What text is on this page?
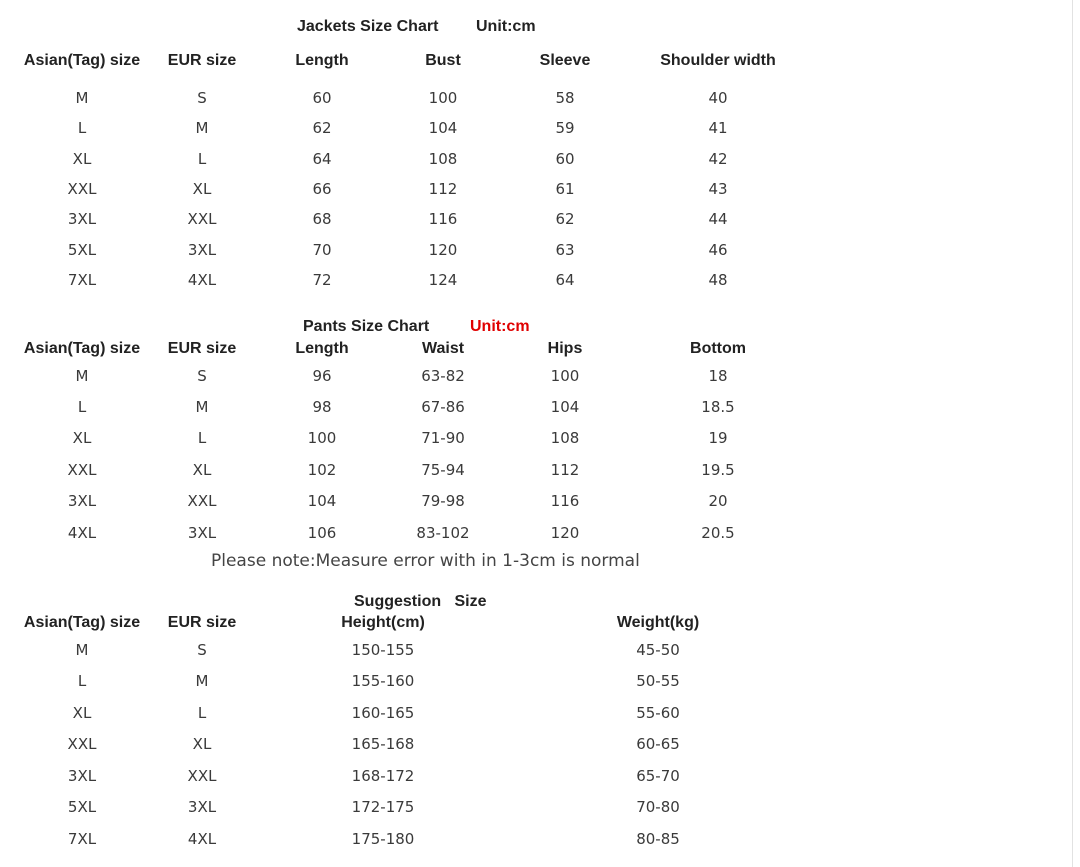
Jackets Size Chart Unit:cm
Asian(Tag) size EUR size	Length	Bust	Sleeve	Shoulder width
M	S	60	100	58	40
L	M	62	104	59	41
XL	L	64	108	60	42
XXL	XL	66	112	61	43
3XL	XXL	68	116	62	44
5XL	3XL	70	120	63	46
7XL	4XL	72	124	64	48
Pants Size Chart	Unit:cm
Asian(Tag) size EUR size	Length	Waist	Hips	Bottom
M	S	96	63-82	100	18
L	M	98	67-86	104	18.5
XL	L	100	71-90	108	19
XXL	XL	102	75-94	112	19.5
3XL	XXL	104	79-98	116	20
4XL	3XL	106	83-102	120	20.5
Please note:Measure error with in 1-3cm is normal
Suggestion   Size
Asian(Tag) size EUR size	Height(cm)	Weight(kg)
M	S	150-155	45-50
L	M	155-160	50-55
XL	L	160-165	55-60
XXL	XL	165-168	60-65
3XL	XXL	168-172	65-70
5XL	3XL	172-175	70-80
7XL	4XL	175-180	80-85
